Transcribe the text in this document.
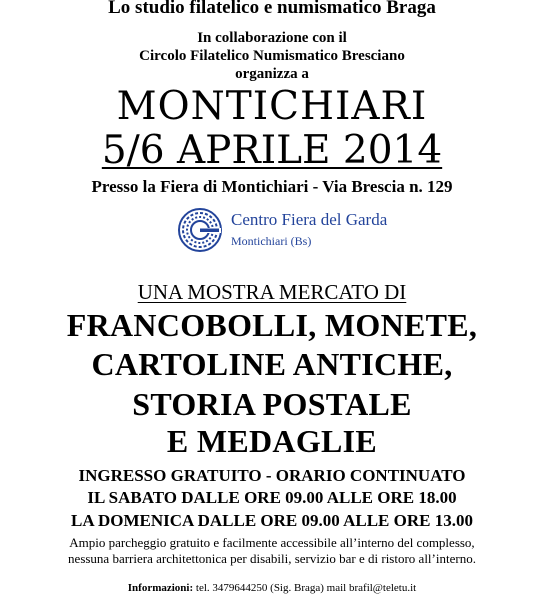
Lo studio filatelico e numismatico Braga
In collaborazione con il
Circolo Filatelico Numismatico Bresciano
organizza a
MONTICHIARI
5/6 APRILE 2014
Presso la Fiera di Montichiari - Via Brescia n. 129
Centro Fiera del Garda
Montichiari (Bs)
UNA MOSTRA MERCATO DI
FRANCOBOLLI, MONETE,
CARTOLINE ANTICHE,
STORIA POSTALE
E MEDAGLIE
INGRESSO GRATUITO - ORARIO CONTINUATO
IL SABATO DALLE ORE 09.00 ALLE ORE 18.00
LA DOMENICA DALLE ORE 09.00 ALLE ORE 13.00
Ampio parcheggio gratuito e facilmente accessibile all’interno del complesso,
nessuna barriera architettonica per disabili, servizio bar e di ristoro all’interno.
Informazioni: tel. 3479644250 (Sig. Braga) mail brafil@teletu.it
